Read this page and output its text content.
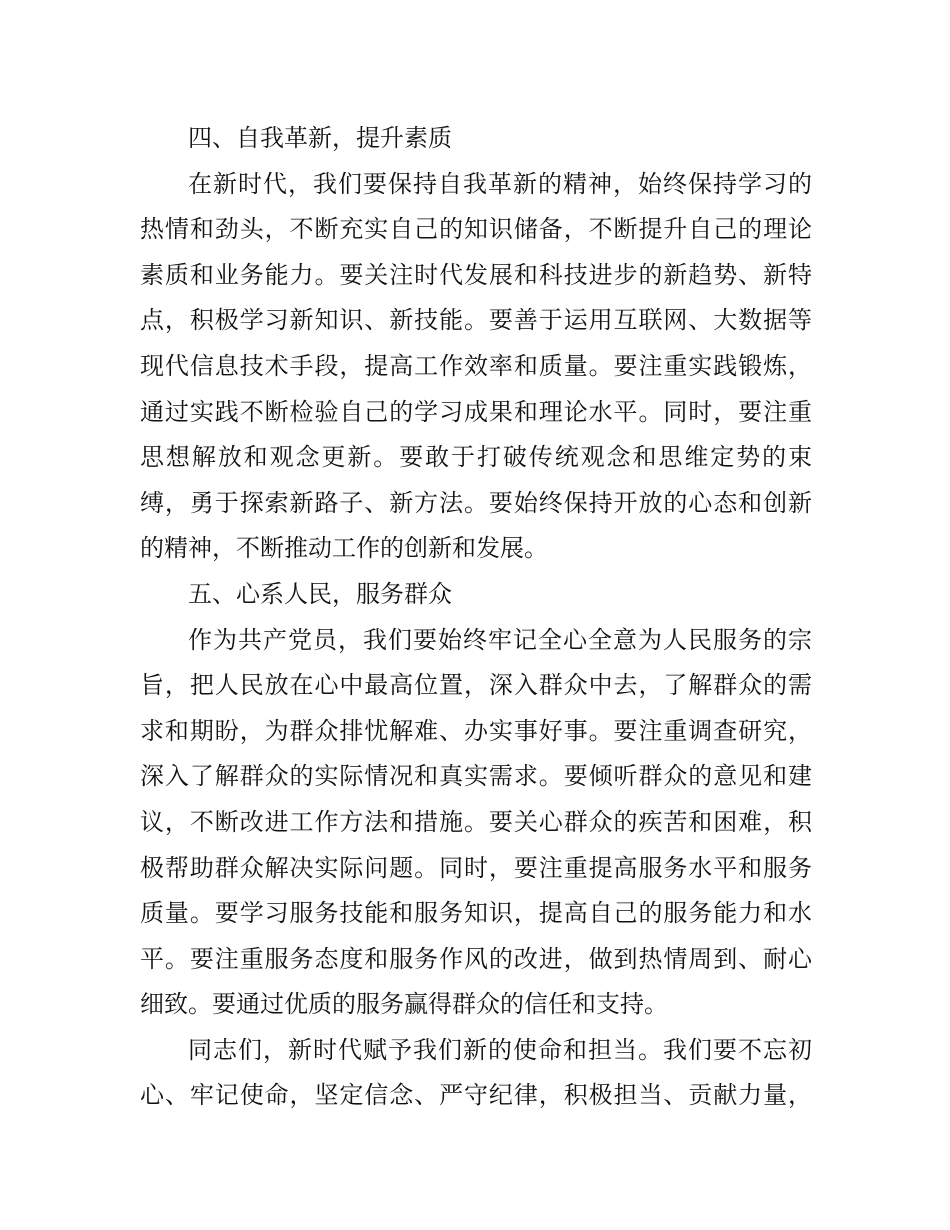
四、自我革新，提升素质
在新时代，我们要保持自我革新的精神，始终保持学习的
热情和劲头，不断充实自己的知识储备，不断提升自己的理论
素质和业务能力。要关注时代发展和科技进步的新趋势、新特
点，积极学习新知识、新技能。要善于运用互联网、大数据等
现代信息技术手段，提高工作效率和质量。要注重实践锻炼，
通过实践不断检验自己的学习成果和理论水平。同时，要注重
思想解放和观念更新。要敢于打破传统观念和思维定势的束
缚，勇于探索新路子、新方法。要始终保持开放的心态和创新
的精神，不断推动工作的创新和发展。
五、心系人民，服务群众
作为共产党员，我们要始终牢记全心全意为人民服务的宗
旨，把人民放在心中最高位置，深入群众中去，了解群众的需
求和期盼，为群众排忧解难、办实事好事。要注重调查研究，
深入了解群众的实际情况和真实需求。要倾听群众的意见和建
议，不断改进工作方法和措施。要关心群众的疾苦和困难，积
极帮助群众解决实际问题。同时，要注重提高服务水平和服务
质量。要学习服务技能和服务知识，提高自己的服务能力和水
平。要注重服务态度和服务作风的改进，做到热情周到、耐心
细致。要通过优质的服务赢得群众的信任和支持。
同志们，新时代赋予我们新的使命和担当。我们要不忘初
心、牢记使命，坚定信念、严守纪律，积极担当、贡献力量，
